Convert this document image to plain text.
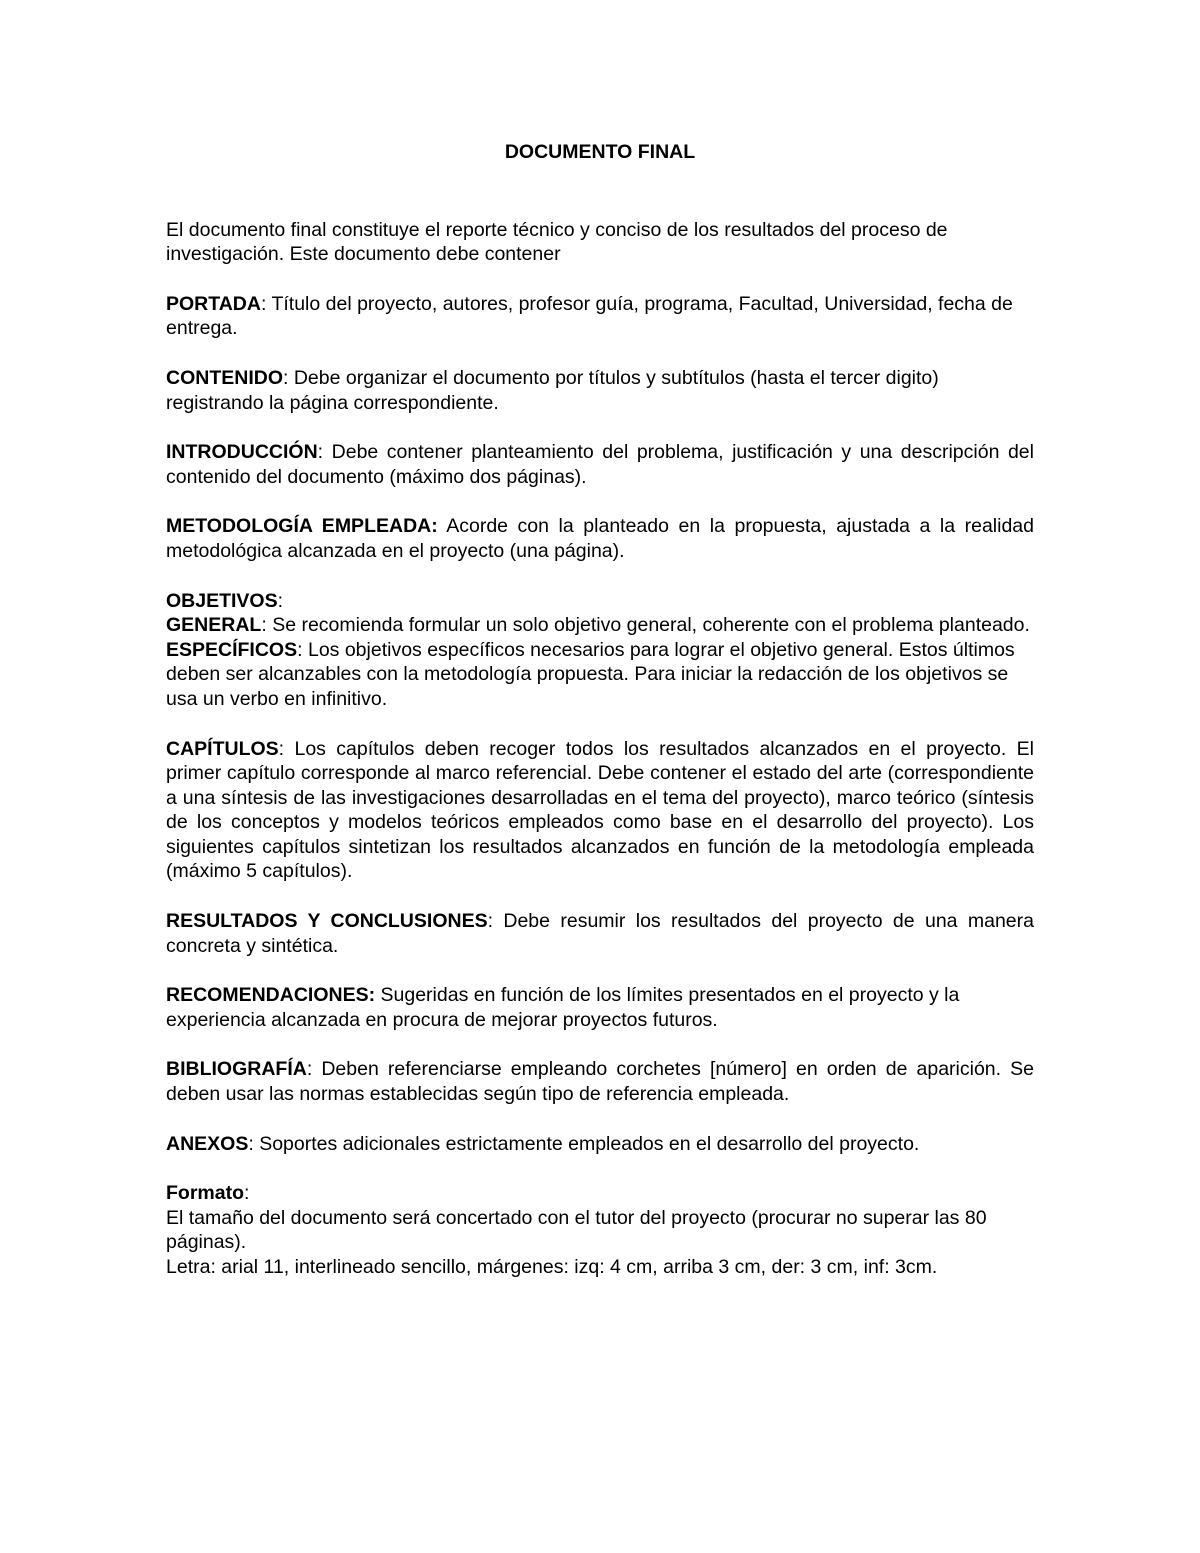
DOCUMENTO FINAL

El documento final constituye el reporte técnico y conciso de los resultados del proceso de investigación. Este documento debe contener

PORTADA: Título del proyecto, autores, profesor guía, programa, Facultad, Universidad, fecha de entrega.

CONTENIDO: Debe organizar el documento por títulos y subtítulos (hasta el tercer digito) registrando la página correspondiente.

INTRODUCCIÓN: Debe contener planteamiento del problema, justificación y una descripción del contenido del documento (máximo dos páginas).

METODOLOGÍA EMPLEADA: Acorde con la planteado en la propuesta, ajustada a la realidad metodológica alcanzada en el proyecto (una página).

OBJETIVOS:

GENERAL: Se recomienda formular un solo objetivo general, coherente con el problema planteado.

ESPECÍFICOS: Los objetivos específicos necesarios para lograr el objetivo general. Estos últimos deben ser alcanzables con la metodología propuesta. Para iniciar la redacción de los objetivos se usa un verbo en infinitivo.

CAPÍTULOS: Los capítulos deben recoger todos los resultados alcanzados en el proyecto. El primer capítulo corresponde al marco referencial. Debe contener el estado del arte (correspondiente a una síntesis de las investigaciones desarrolladas en el tema del proyecto), marco teórico (síntesis de los conceptos y modelos teóricos empleados como base en el desarrollo del proyecto). Los siguientes capítulos sintetizan los resultados alcanzados en función de la metodología empleada (máximo 5 capítulos).

RESULTADOS Y CONCLUSIONES: Debe resumir los resultados del proyecto de una manera concreta y sintética.

RECOMENDACIONES: Sugeridas en función de los límites presentados en el proyecto y la experiencia alcanzada en procura de mejorar proyectos futuros.

BIBLIOGRAFÍA: Deben referenciarse empleando corchetes [número] en orden de aparición. Se deben usar las normas establecidas según tipo de referencia empleada.

ANEXOS: Soportes adicionales estrictamente empleados en el desarrollo del proyecto.

Formato:

El tamaño del documento será concertado con el tutor del proyecto (procurar no superar las 80 páginas).

Letra: arial 11, interlineado sencillo, márgenes: izq: 4 cm, arriba 3 cm, der: 3 cm, inf: 3cm.
